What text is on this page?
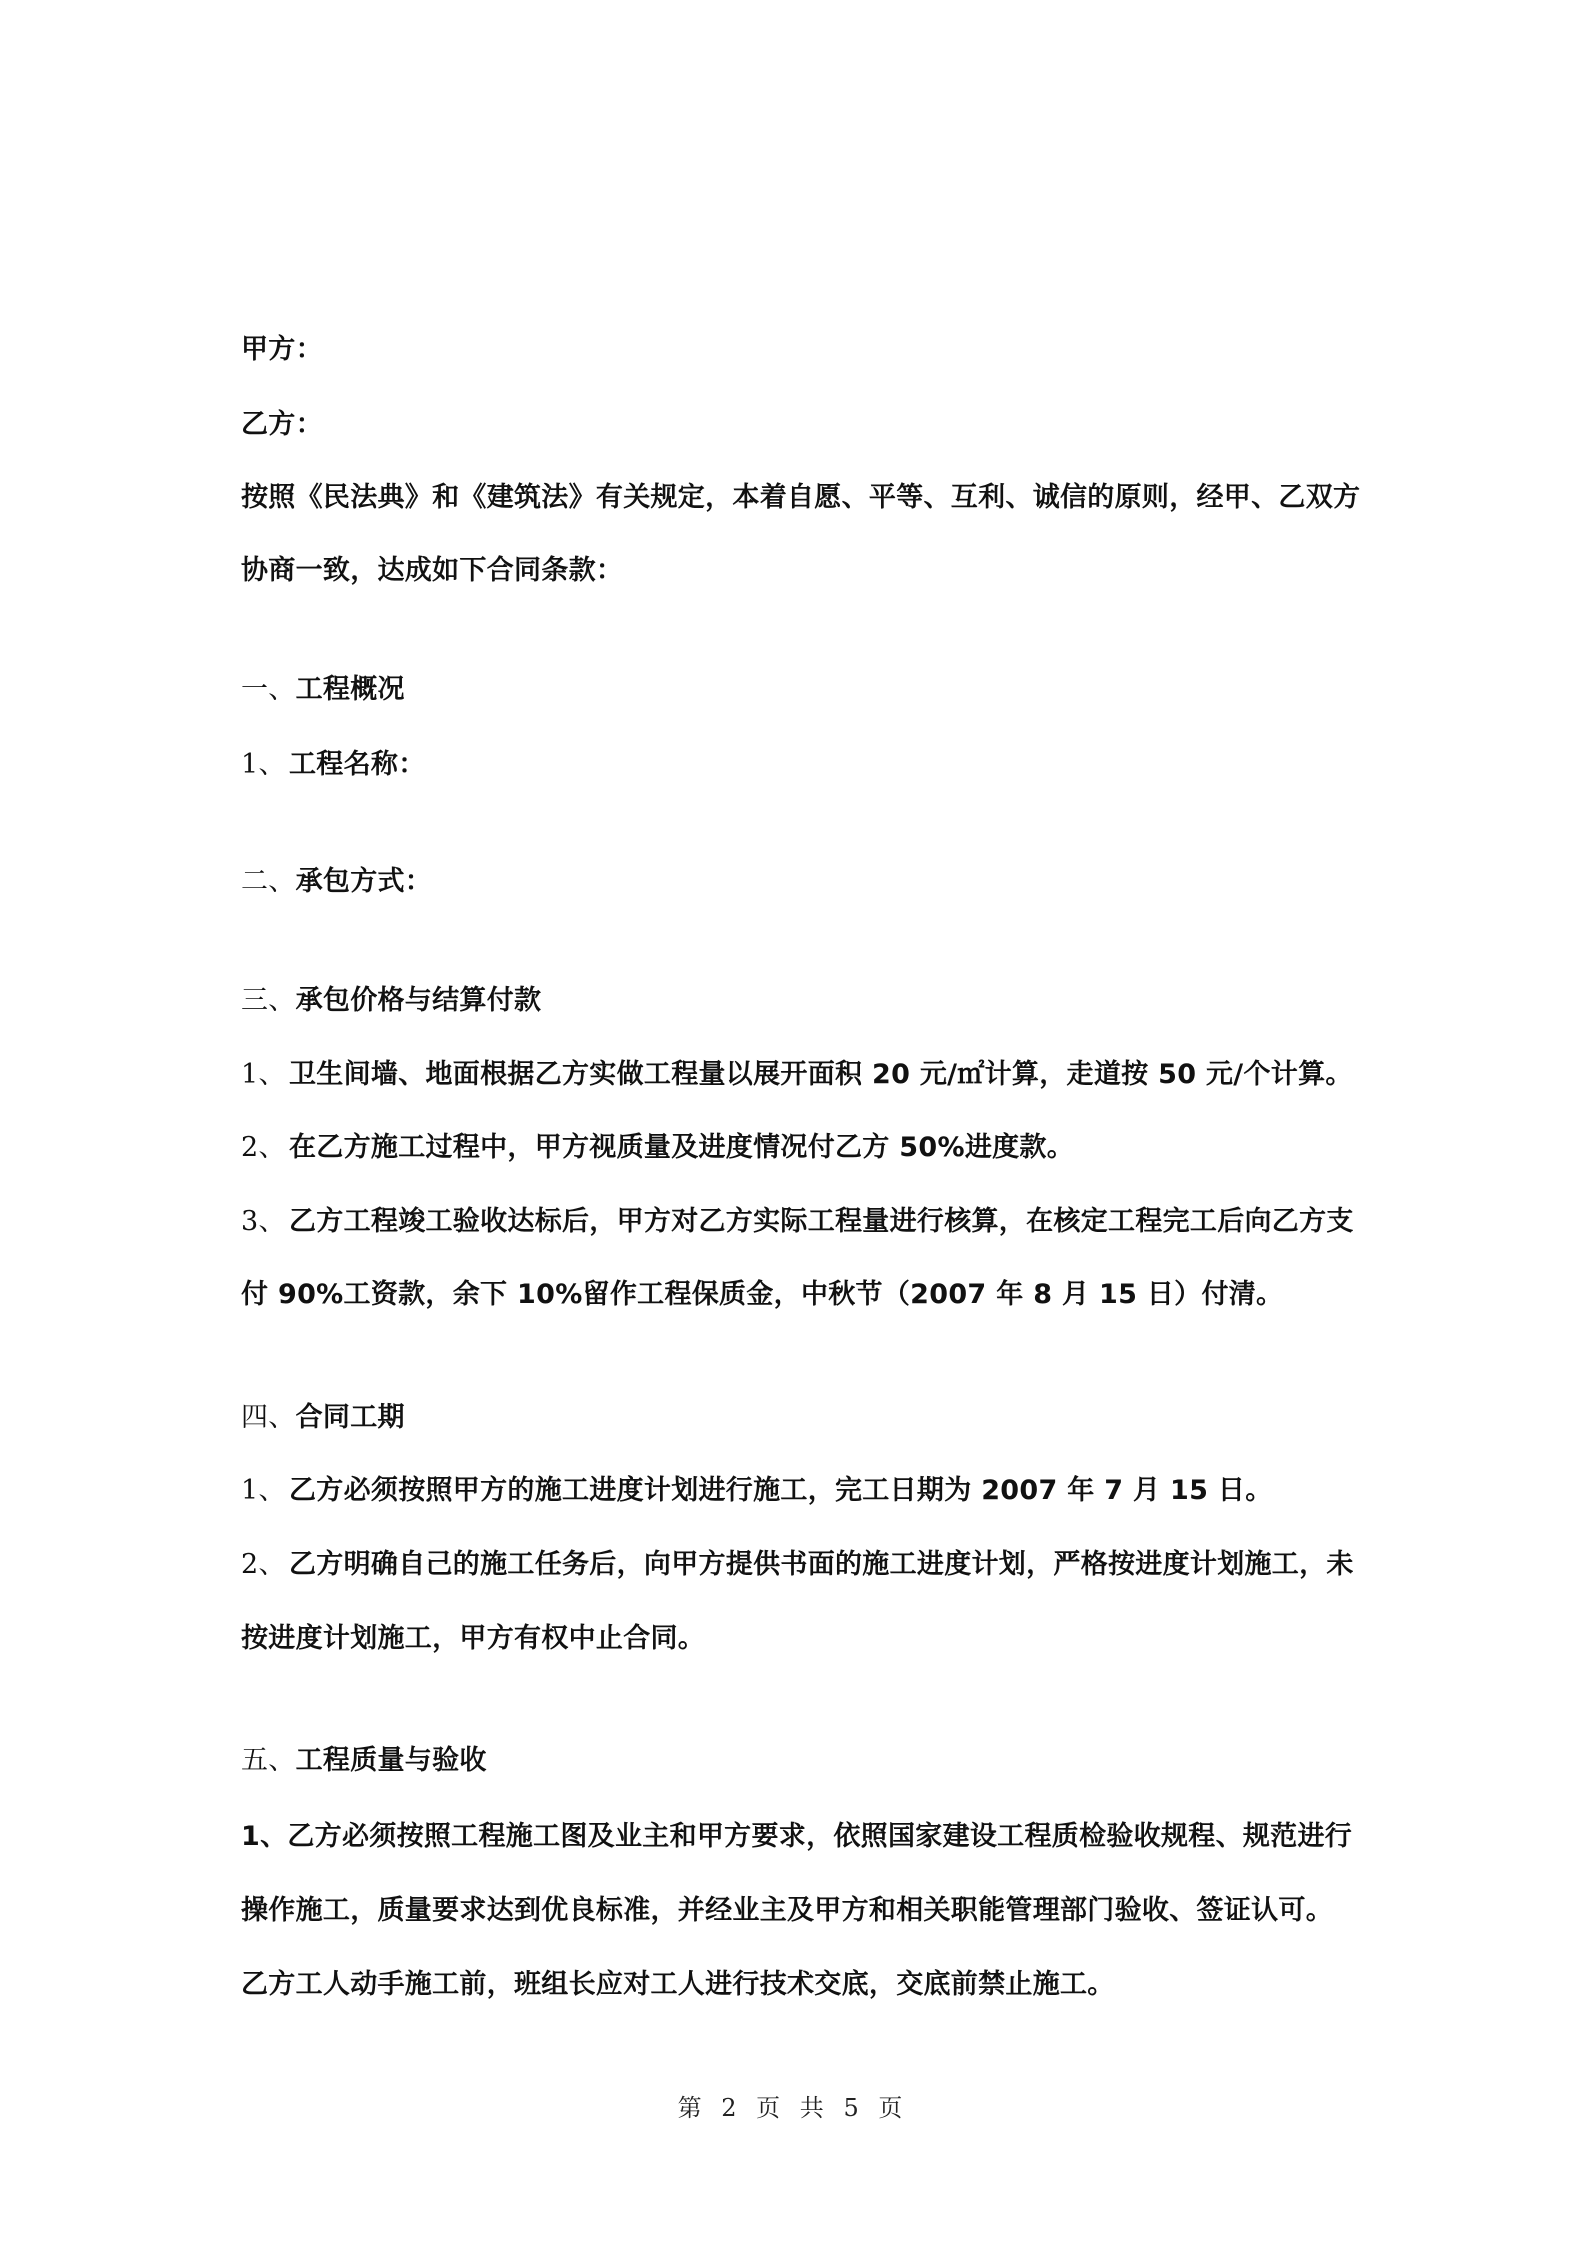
甲方：
乙方：
按照《民法典》和《建筑法》有关规定，本着自愿、平等、互利、诚信的原则，经甲、乙双方
协商一致，达成如下合同条款：
一、工程概况
1、 工程名称：
二、承包方式：
三、承包价格与结算付款
1、 卫生间墙、地面根据乙方实做工程量以展开面积 20 元/㎡计算，走道按 50 元/个计算。
2、 在乙方施工过程中，甲方视质量及进度情况付乙方 50%进度款。
3、 乙方工程竣工验收达标后，甲方对乙方实际工程量进行核算，在核定工程完工后向乙方支
付 90%工资款，余下 10%留作工程保质金，中秋节（2007 年 8 月 15 日）付清。
四、合同工期
1、 乙方必须按照甲方的施工进度计划进行施工，完工日期为 2007 年 7 月 15 日。
2、 乙方明确自己的施工任务后，向甲方提供书面的施工进度计划，严格按进度计划施工，未
按进度计划施工，甲方有权中止合同。
五、工程质量与验收
1、乙方必须按照工程施工图及业主和甲方要求，依照国家建设工程质检验收规程、规范进行
操作施工，质量要求达到优良标准，并经业主及甲方和相关职能管理部门验收、签证认可。
乙方工人动手施工前，班组长应对工人进行技术交底，交底前禁止施工。
第 2 页 共 5 页
